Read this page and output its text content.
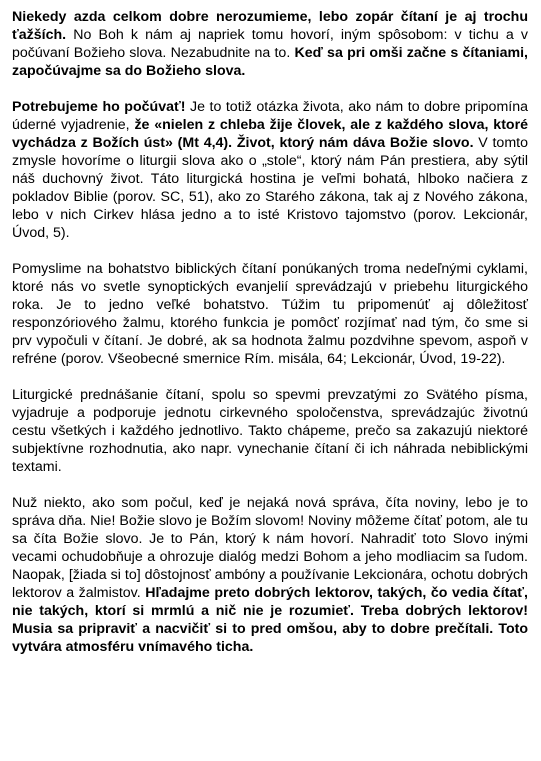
Niekedy azda celkom dobre nerozumieme, lebo zopár čítaní je aj trochu ťažších. No Boh k nám aj napriek tomu hovorí, iným spôsobom: v tichu a v počúvaní Božieho slova. Nezabudnite na to. Keď sa pri omši začne s čítaniami, započúvajme sa do Božieho slova.

Potrebujeme ho počúvať! Je to totiž otázka života, ako nám to dobre pripomína úderné vyjadrenie, že «nielen z chleba žije človek, ale z každého slova, ktoré vychádza z Božích úst» (Mt 4,4). Život, ktorý nám dáva Božie slovo. V tomto zmysle hovoríme o liturgii slova ako o „stole“, ktorý nám Pán prestiera, aby sýtil náš duchovný život. Táto liturgická hostina je veľmi bohatá, hlboko načiera z pokladov Biblie (porov. SC, 51), ako zo Starého zákona, tak aj z Nového zákona, lebo v nich Cirkev hlása jedno a to isté Kristovo tajomstvo (porov. Lekcionár, Úvod, 5).

Pomyslime na bohatstvo biblických čítaní ponúkaných troma nedeľnými cyklami, ktoré nás vo svetle synoptických evanjelií sprevádzajú v priebehu liturgického roka. Je to jedno veľké bohatstvo. Túžim tu pripomenúť aj dôležitosť responzóriového žalmu, ktorého funkcia je pomôcť rozjímať nad tým, čo sme si prv vypočuli v čítaní. Je dobré, ak sa hodnota žalmu pozdvihne spevom, aspoň v refréne (porov. Všeobecné smernice Rím. misála, 64; Lekcionár, Úvod, 19-22).

Liturgické prednášanie čítaní, spolu so spevmi prevzatými zo Svätého písma, vyjadruje a podporuje jednotu cirkevného spoločenstva, sprevádzajúc životnú cestu všetkých i každého jednotlivo. Takto chápeme, prečo sa zakazujú niektoré subjektívne rozhodnutia, ako napr. vynechanie čítaní či ich náhrada nebiblickými textami.

Nuž niekto, ako som počul, keď je nejaká nová správa, číta noviny, lebo je to správa dňa. Nie! Božie slovo je Božím slovom! Noviny môžeme čítať potom, ale tu sa číta Božie slovo. Je to Pán, ktorý k nám hovorí. Nahradiť toto Slovo inými vecami ochudobňuje a ohrozuje dialóg medzi Bohom a jeho modliacim sa ľudom. Naopak, [žiada si to] dôstojnosť ambóny a používanie Lekcionára, ochotu dobrých lektorov a žalmistov. Hľadajme preto dobrých lektorov, takých, čo vedia čítať, nie takých, ktorí si mrmlú a nič nie je rozumieť. Treba dobrých lektorov! Musia sa pripraviť a nacvičiť si to pred omšou, aby to dobre prečítali. Toto vytvára atmosféru vnímavého ticha.
